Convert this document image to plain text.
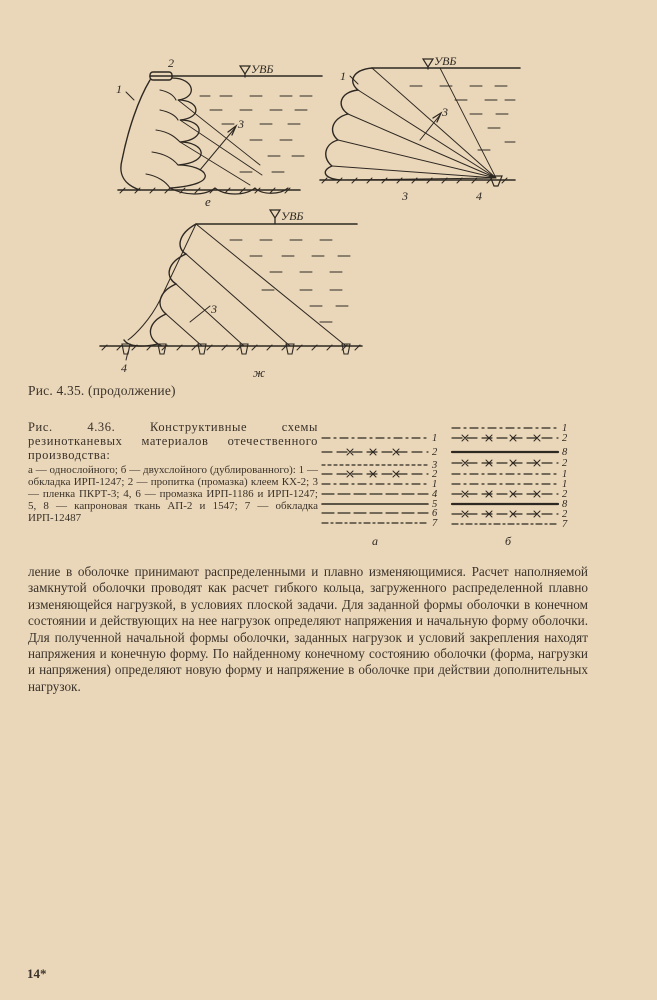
УВБ
1
2
3
е
УВБ
1
3
3	4
УВБ
3
4	ж
1
2
3
2
1
4
5
6
7
1
2
8
2
1
1
2
8
2
7
а	б
Рис. 4.35. (продолжение)
Рис. 4.36. Конструктивные схемы резинотканевых материалов отечественного производства:
а — однослойного; б — двухслойного (дублированного): 1 — обкладка ИРП-1247; 2 — пропитка (промазка) клеем КХ-2; 3 — пленка ПКРТ-3; 4, 6 — промазка ИРП-1186 и ИРП-1247; 5, 8 — капроновая ткань АП-2 и 1547; 7 — обкладка ИРП-12487
ление в оболочке принимают распределенными и плавно изменяющимися. Расчет наполняемой замкнутой оболочки проводят как расчет гибкого кольца, загруженного распределенной плавно изменяющейся нагрузкой, в условиях плоской задачи. Для заданной формы оболочки в конечном состоянии и действующих на нее нагрузок определяют напряжения и начальную форму оболочки. Для полученной начальной формы оболочки, заданных нагрузок и условий закрепления находят напряжения и конечную форму. По найденному конечному состоянию оболочки (форма, нагрузки и напряжения) определяют новую форму и напряжение в оболочке при действии дополнительных нагрузок.
14*
